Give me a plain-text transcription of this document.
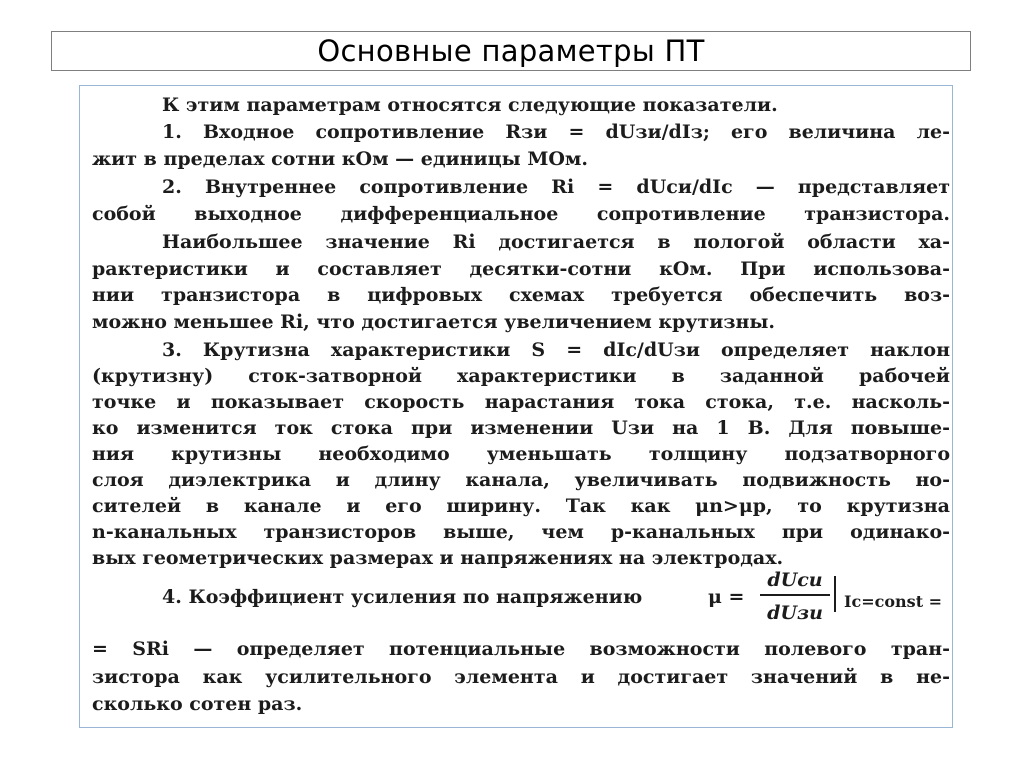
Основные параметры ПТ
К этим параметрам относятся следующие показатели.
1. Входное сопротивление Rзи = dUзи/dIз; его величина ле-
жит в пределах сотни кОм — единицы МОм.
2. Внутреннее сопротивление Ri = dUси/dIс — представляет
собой выходное дифференциальное сопротивление транзистора.
Наибольшее значение Ri достигается в пологой области ха-
рактеристики и составляет десятки-сотни кОм. При использова-
нии транзистора в цифровых схемах требуется обеспечить воз-
можно меньшее Ri, что достигается увеличением крутизны.
3. Крутизна характеристики S = dIс/dUзи определяет наклон
(крутизну) сток-затворной характеристики в заданной рабочей
точке и показывает скорость нарастания тока стока, т.е. насколь-
ко изменится ток стока при изменении Uзи на 1 В. Для повыше-
ния крутизны необходимо уменьшать толщину подзатворного
слоя диэлектрика и длину канала, увеличивать подвижность но-
сителей в канале и его ширину. Так как μn>μp, то крутизна
n-канальных транзисторов выше, чем p-канальных при одинако-
вых геометрических размерах и напряжениях на электродах.
4. Коэффициент усиления по напряжению	μ =
dUси
dUзи
Iс=const =
= SRi — определяет потенциальные возможности полевого тран-
зистора как усилительного элемента и достигает значений в не-
сколько сотен раз.
